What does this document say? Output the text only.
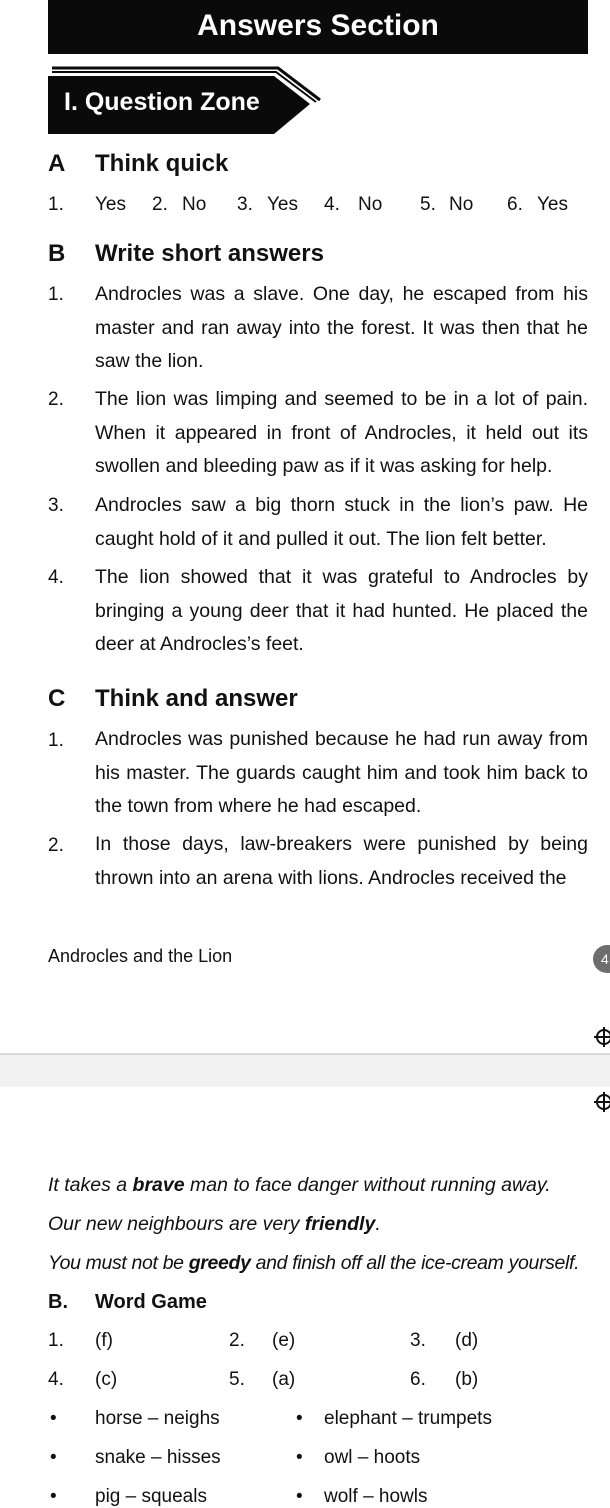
Answers Section
I. Question Zone
A Think quick
1. Yes 2. No 3. Yes 4. No 5. No 6. Yes
B Write short answers
1. Androcles was a slave. One day, he escaped from his master and ran away into the forest. It was then that he saw the lion.
2. The lion was limping and seemed to be in a lot of pain. When it appeared in front of Androcles, it held out its swollen and bleeding paw as if it was asking for help.
3. Androcles saw a big thorn stuck in the lion’s paw. He caught hold of it and pulled it out. The lion felt better.
4. The lion showed that it was grateful to Androcles by bringing a young deer that it had hunted. He placed the deer at Androcles’s feet.
C Think and answer
1. Androcles was punished because he had run away from his master. The guards caught him and took him back to the town from where he had escaped.
2. In those days, law-breakers were punished by being thrown into an arena with lions. Androcles received the
Androcles and the Lion	4
It takes a brave man to face danger without running away.
Our new neighbours are very friendly.
You must not be greedy and finish off all the ice-cream yourself.
B. Word Game
1. (f)	2. (e)	3. (d)
4. (c)	5. (a)	6. (b)
• horse – neighs	• elephant – trumpets
• snake – hisses	• owl – hoots
• pig – squeals	• wolf – howls
